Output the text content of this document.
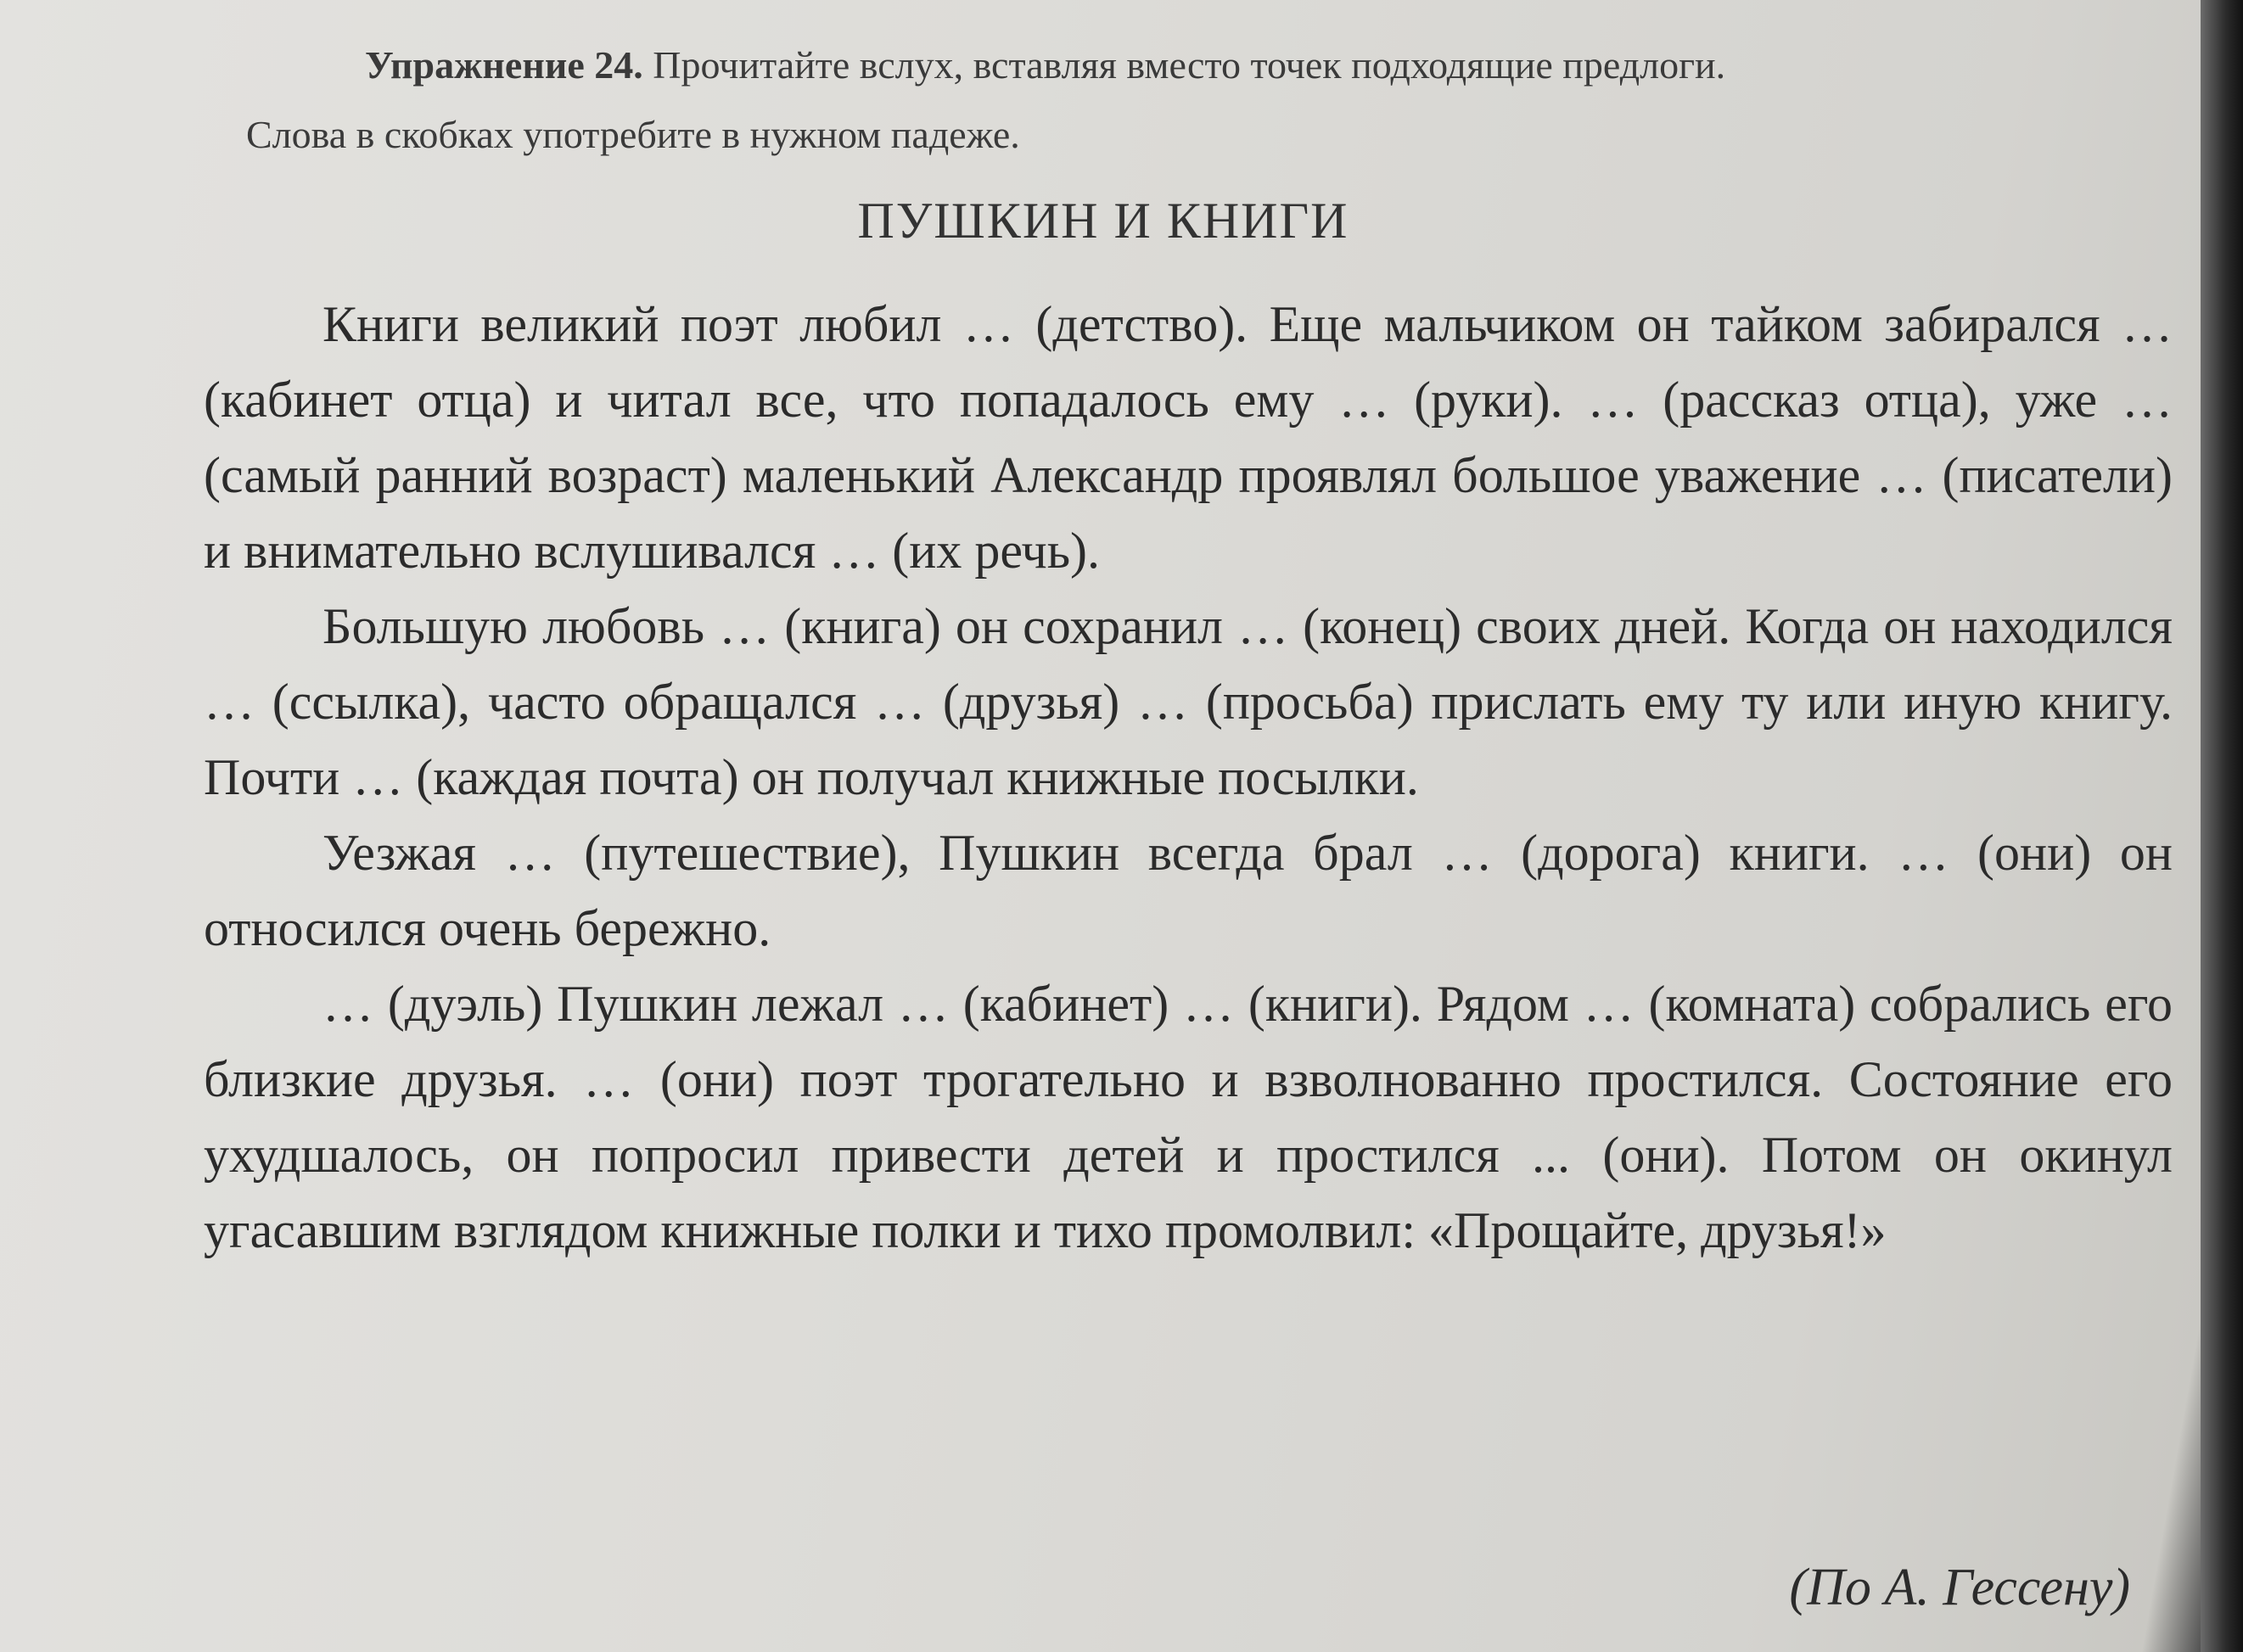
Упражнение 24. Прочитайте вслух, вставляя вместо точек подходящие предлоги.
Слова в скобках употребите в нужном падеже.
ПУШКИН И КНИГИ

Книги великий поэт любил … (детство). Еще мальчиком он тайком забирался … (кабинет отца) и читал все, что попадалось ему … (руки). … (рассказ отца), уже … (самый ранний возраст) маленький Александр проявлял большое уважение … (писатели) и внимательно вслушивался … (их речь).

Большую любовь … (книга) он сохранил … (конец) своих дней. Когда он находился … (ссылка), часто обращался … (друзья) … (просьба) прислать ему ту или иную книгу. Почти … (каждая почта) он получал книжные посылки.

Уезжая … (путешествие), Пушкин всегда брал … (дорога) книги. … (они) он относился очень бережно.

… (дуэль) Пушкин лежал … (кабинет) … (книги). Рядом … (комната) собрались его близкие друзья. … (они) поэт трогательно и взволнованно простился. Состояние его ухудшалось, он попросил привести детей и простился ... (они). Потом он окинул угасавшим взглядом книжные полки и тихо промолвил: «Прощайте, друзья!»

(По А. Гессену)
